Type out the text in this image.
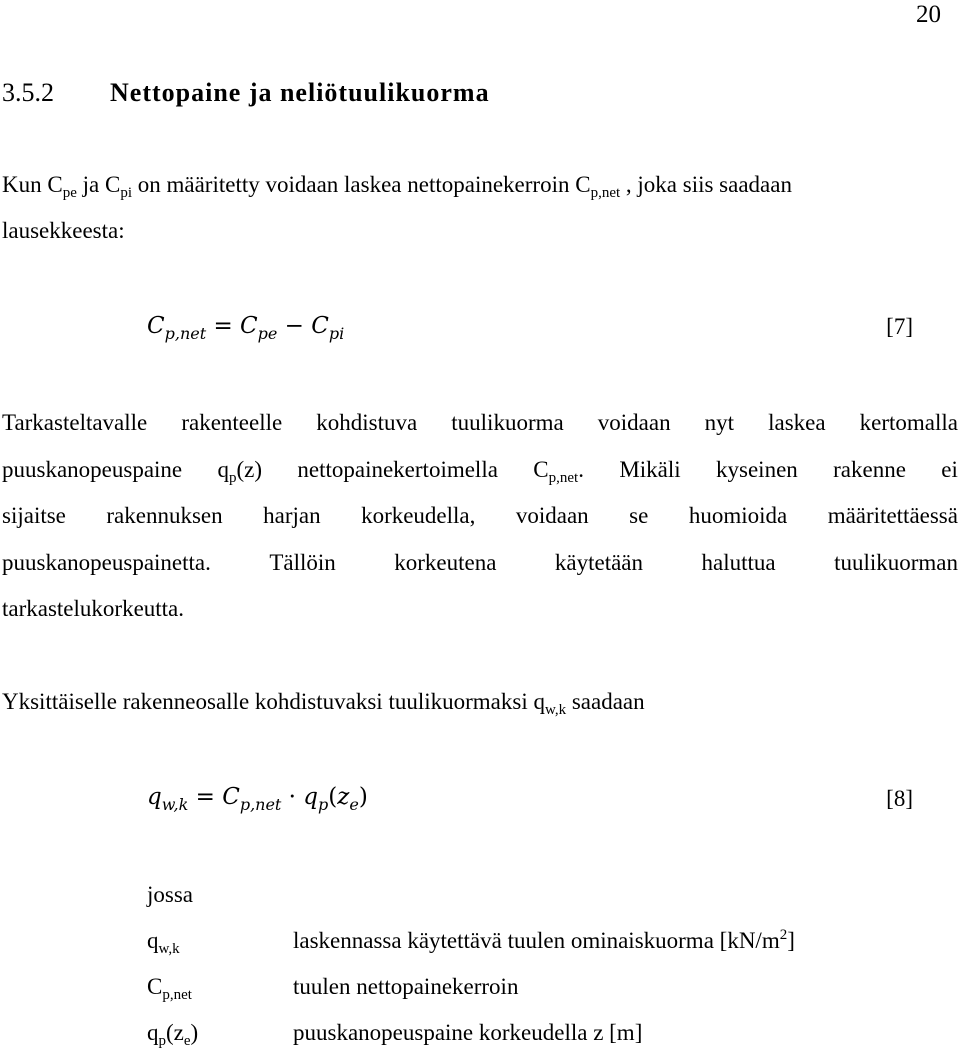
20
3.5.2 Nettopaine ja neliötuulikuorma
Kun $C_{pe}$ ja $C_{pi}$ on määritetty voidaan laskea nettopainekerroin $C_{p,net}$ , joka siis saadaan
lausekkeesta:
$C_{p,net} = C_{pe} - C_{pi}$	[7]
Tarkasteltavalle rakenteelle kohdistuva tuulikuorma voidaan nyt laskea kertomalla
puuskanopeuspaine $q_p(z)$ nettopainekertoimella $C_{p,net}$. Mikäli kyseinen rakenne ei
sijaitse rakennuksen harjan korkeudella, voidaan se huomioida määritettäessä
puuskanopeuspainetta.	Tällöin	korkeutena	käytetään	haluttua	tuulikuorman
tarkastelukorkeutta.
Yksittäiselle rakenneosalle kohdistuvaksi tuulikuormaksi $q_{w,k}$ saadaan
$q_{w,k} = C_{p,net} \cdot q_p(z_e)$	[8]
jossa
$q_{w,k}$	laskennassa käytettävä tuulen ominaiskuorma $[kN/m^2]$
$C_{p,net}$	tuulen nettopainekerroin
$q_p(z_e)$	puuskanopeuspaine korkeudella z [m]
